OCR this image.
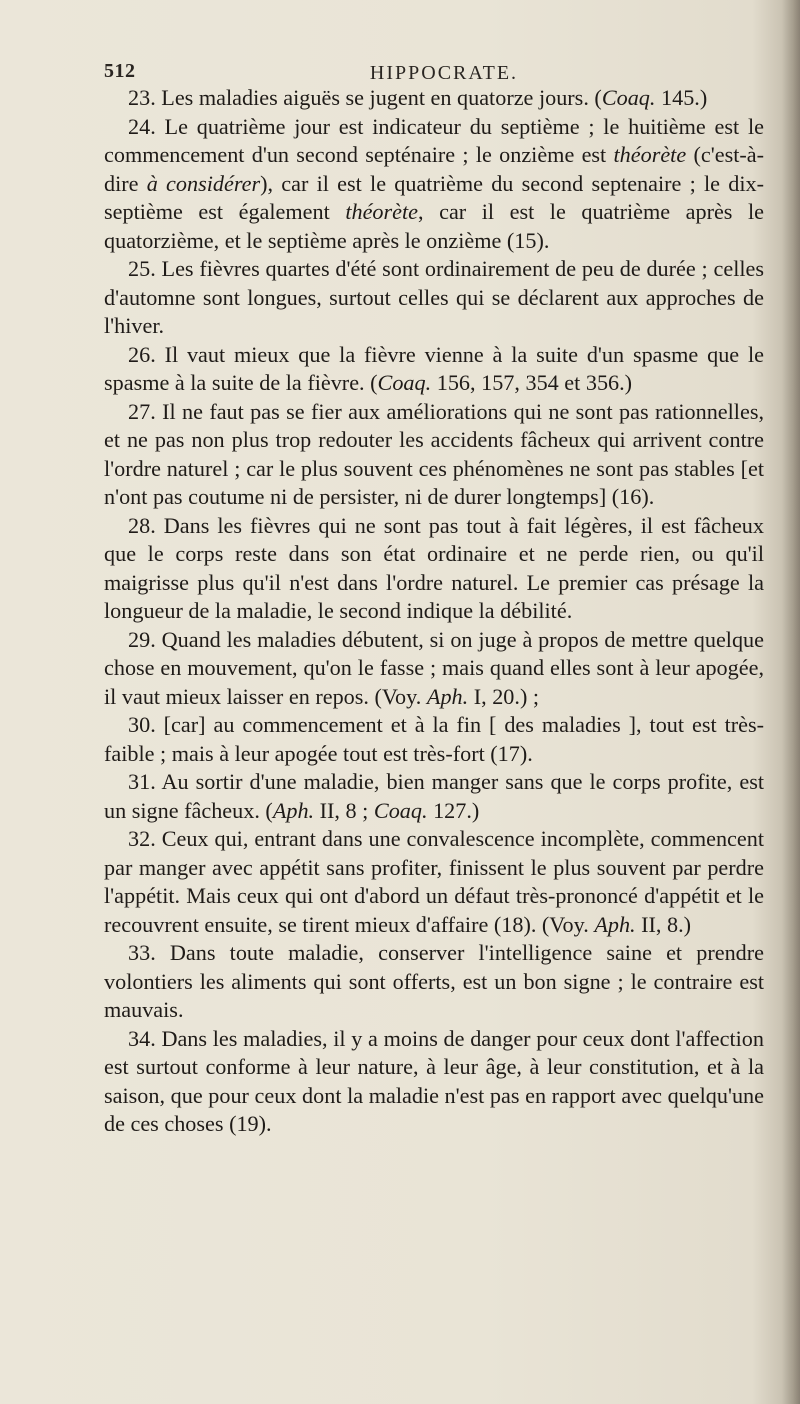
512	HIPPOCRATE.

23. Les maladies aiguës se jugent en quatorze jours. (Coaq. 145.)

24. Le quatrième jour est indicateur du septième ; le huitième est le commencement d'un second septénaire ; le onzième est théorète (c'est-à-dire à considérer), car il est le quatrième du second septenaire ; le dix-septième est également théorète, car il est le quatrième après le quatorzième, et le septième après le onzième (15).

25. Les fièvres quartes d'été sont ordinairement de peu de durée ; celles d'automne sont longues, surtout celles qui se déclarent aux approches de l'hiver.

26. Il vaut mieux que la fièvre vienne à la suite d'un spasme que le spasme à la suite de la fièvre. (Coaq. 156, 157, 354 et 356.)

27. Il ne faut pas se fier aux améliorations qui ne sont pas rationnelles, et ne pas non plus trop redouter les accidents fâcheux qui arrivent contre l'ordre naturel ; car le plus souvent ces phénomènes ne sont pas stables [et n'ont pas coutume ni de persister, ni de durer longtemps] (16).

28. Dans les fièvres qui ne sont pas tout à fait légères, il est fâcheux que le corps reste dans son état ordinaire et ne perde rien, ou qu'il maigrisse plus qu'il n'est dans l'ordre naturel. Le premier cas présage la longueur de la maladie, le second indique la débilité.

29. Quand les maladies débutent, si on juge à propos de mettre quelque chose en mouvement, qu'on le fasse ; mais quand elles sont à leur apogée, il vaut mieux laisser en repos. (Voy. Aph. I, 20.) ;

30. [car] au commencement et à la fin [ des maladies ], tout est très-faible ; mais à leur apogée tout est très-fort (17).

31. Au sortir d'une maladie, bien manger sans que le corps profite, est un signe fâcheux. (Aph. II, 8 ; Coaq. 127.)

32. Ceux qui, entrant dans une convalescence incomplète, commencent par manger avec appétit sans profiter, finissent le plus souvent par perdre l'appétit. Mais ceux qui ont d'abord un défaut très-prononcé d'appétit et le recouvrent ensuite, se tirent mieux d'affaire (18). (Voy. Aph. II, 8.)

33. Dans toute maladie, conserver l'intelligence saine et prendre volontiers les aliments qui sont offerts, est un bon signe ; le contraire est mauvais.

34. Dans les maladies, il y a moins de danger pour ceux dont l'affection est surtout conforme à leur nature, à leur âge, à leur constitution, et à la saison, que pour ceux dont la maladie n'est pas en rapport avec quelqu'une de ces choses (19).
